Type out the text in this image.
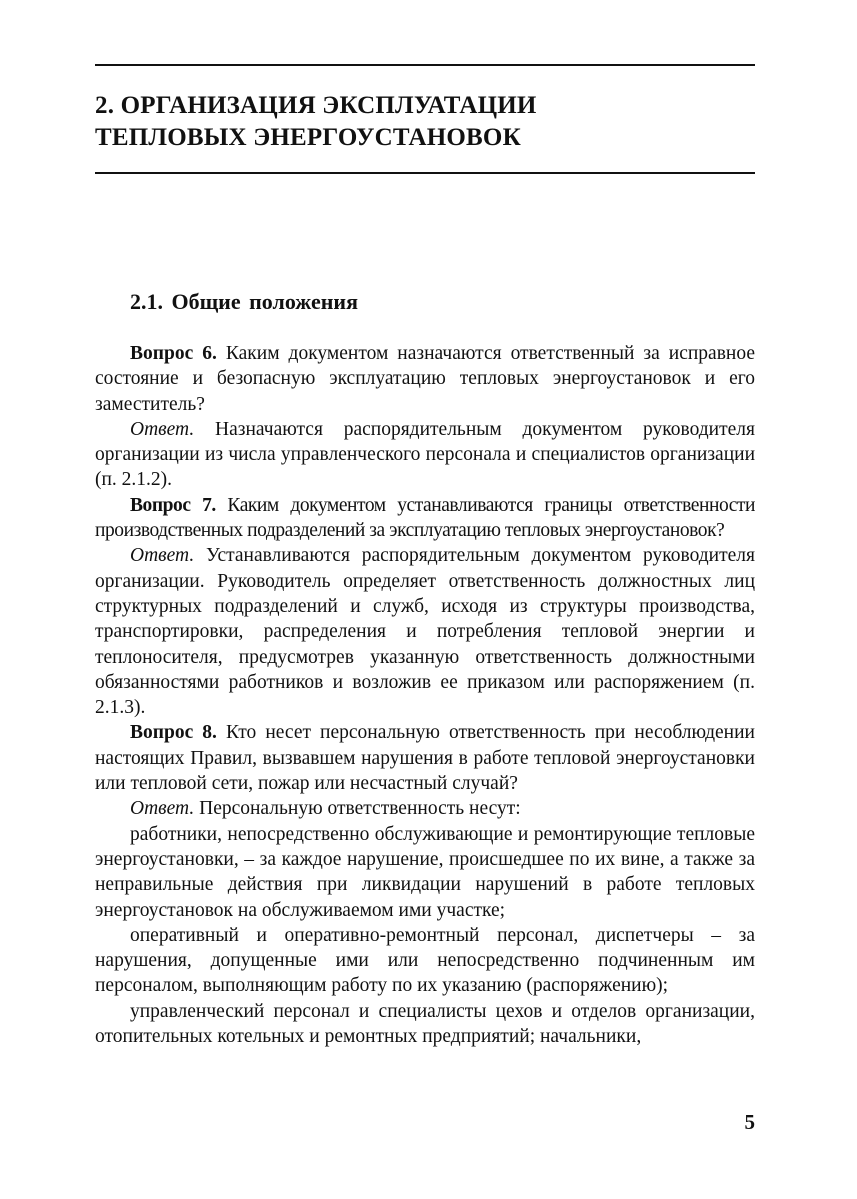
2. ОРГАНИЗАЦИЯ ЭКСПЛУАТАЦИИ
ТЕПЛОВЫХ ЭНЕРГОУСТАНОВОК
2.1. Общие положения

Вопрос 6. Каким документом назначаются ответственный за исправное состояние и безопасную эксплуатацию тепловых энергоустановок и его заместитель?

Ответ. Назначаются распорядительным документом руководителя организации из числа управленческого персонала и специалистов организации (п. 2.1.2).

Вопрос 7. Каким документом устанавливаются границы ответственности производственных подразделений за эксплуатацию тепловых энергоустановок?

Ответ. Устанавливаются распорядительным документом руководителя организации. Руководитель определяет ответственность должностных лиц структурных подразделений и служб, исходя из структуры производства, транспортировки, распределения и потребления тепловой энергии и теплоносителя, предусмотрев указанную ответственность должностными обязанностями работников и возложив ее приказом или распоряжением (п. 2.1.3).

Вопрос 8. Кто несет персональную ответственность при несоблюдении настоящих Правил, вызвавшем нарушения в работе тепловой энергоустановки или тепловой сети, пожар или несчастный случай?

Ответ. Персональную ответственность несут:

работники, непосредственно обслуживающие и ремонтирующие тепловые энергоустановки, – за каждое нарушение, происшедшее по их вине, а также за неправильные действия при ликвидации нарушений в работе тепловых энергоустановок на обслуживаемом ими участке;

оперативный и оперативно-ремонтный персонал, диспетчеры – за нарушения, допущенные ими или непосредственно подчиненным им персоналом, выполняющим работу по их указанию (распоряжению);

управленческий персонал и специалисты цехов и отделов организации, отопительных котельных и ремонтных предприятий; начальники,

5
